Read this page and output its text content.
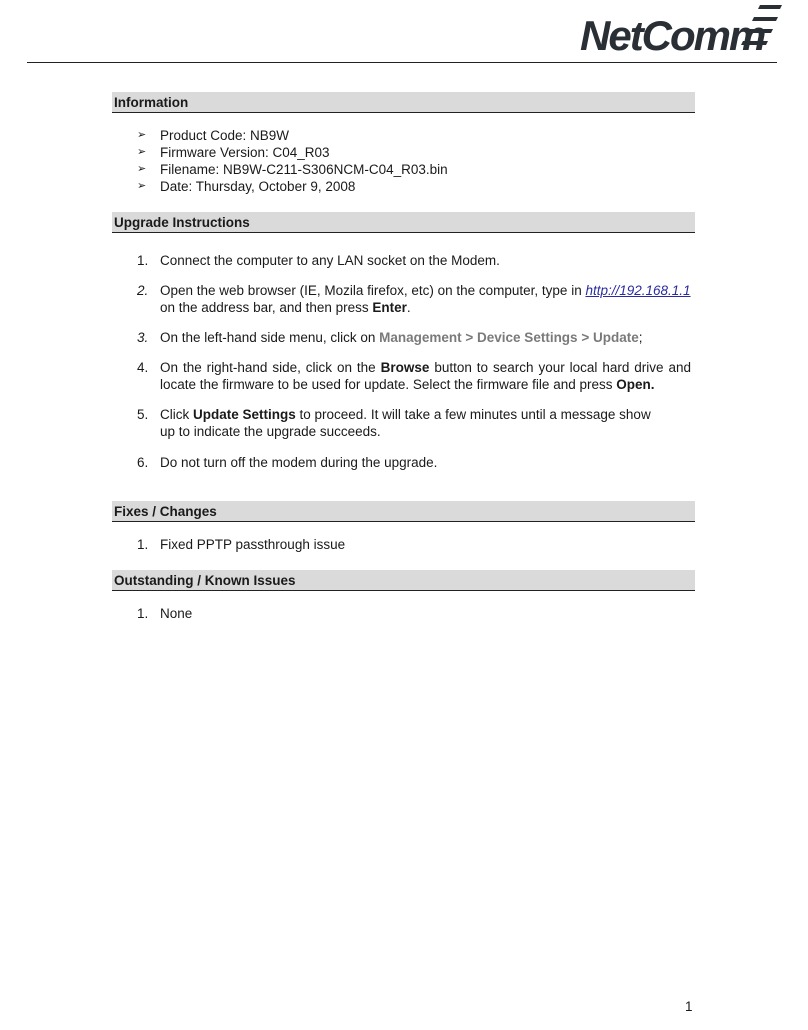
NetComm
Information
➢ Product Code: NB9W
➢ Firmware Version: C04_R03
➢ Filename: NB9W-C211-S306NCM-C04_R03.bin
➢ Date: Thursday, October 9, 2008
Upgrade Instructions
1. Connect the computer to any LAN socket on the Modem.
2. Open the web browser (IE, Mozila firefox, etc) on the computer, type in http://192.168.1.1
on the address bar, and then press Enter.
3. On the left-hand side menu, click on Management > Device Settings > Update;
4. On the right-hand side, click on the Browse button to search your local hard drive and locate the firmware to be used for update. Select the firmware file and press Open.
5. Click Update Settings to proceed. It will take a few minutes until a message show up to indicate the upgrade succeeds.
6. Do not turn off the modem during the upgrade.
Fixes / Changes
1. Fixed PPTP passthrough issue
Outstanding / Known Issues
1. None
1
